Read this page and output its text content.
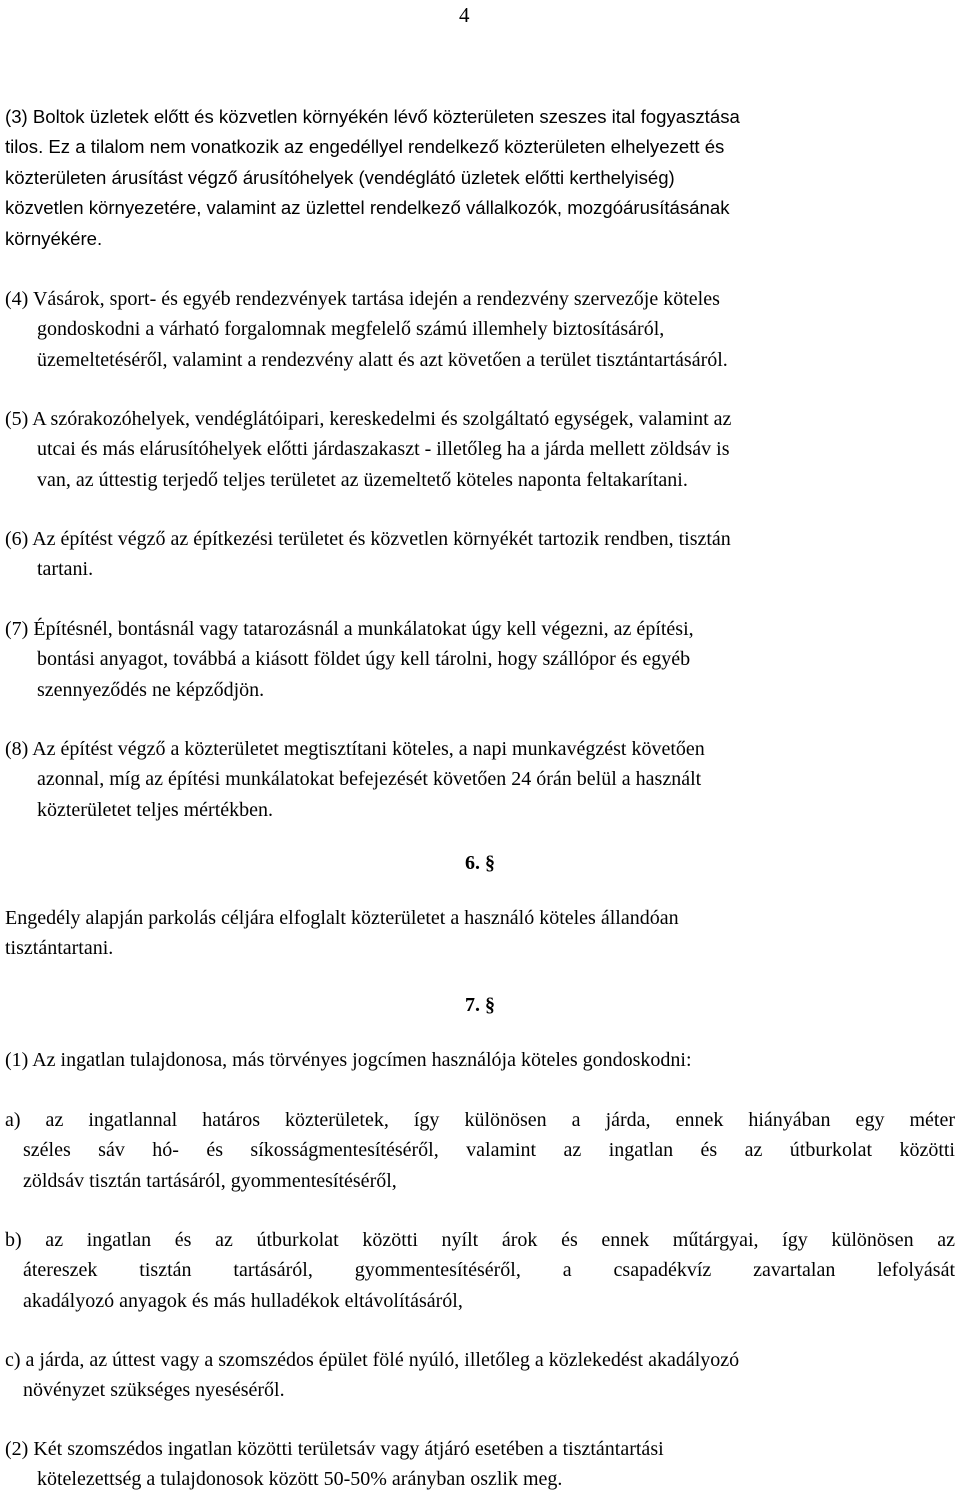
4
(3) Boltok üzletek előtt és közvetlen környékén lévő közterületen szeszes ital fogyasztása
tilos. Ez a tilalom nem vonatkozik az engedéllyel rendelkező közterületen elhelyezett és
közterületen árusítást végző árusítóhelyek (vendéglátó üzletek előtti kerthelyiség)
közvetlen környezetére, valamint az üzlettel rendelkező vállalkozók, mozgóárusításának
környékére.
(4) Vásárok, sport- és egyéb rendezvények tartása idején a rendezvény szervezője köteles
gondoskodni a várható forgalomnak megfelelő számú illemhely biztosításáról,
üzemeltetéséről, valamint a rendezvény alatt és azt követően a terület tisztántartásáról.
(5) A szórakozóhelyek, vendéglátóipari, kereskedelmi és szolgáltató egységek, valamint az
utcai és más elárusítóhelyek előtti járdaszakaszt - illetőleg ha a járda mellett zöldsáv is
van, az úttestig terjedő teljes területet az üzemeltető köteles naponta feltakarítani.
(6) Az építést végző az építkezési területet és közvetlen környékét tartozik rendben, tisztán
tartani.
(7) Építésnél, bontásnál vagy tatarozásnál a munkálatokat úgy kell végezni, az építési,
bontási anyagot, továbbá a kiásott földet úgy kell tárolni, hogy szállópor és egyéb
szennyeződés ne képződjön.
(8) Az építést végző a közterületet megtisztítani köteles, a napi munkavégzést követően
azonnal, míg az építési munkálatokat befejezését követően 24 órán belül a használt
közterületet teljes mértékben.
6. §
Engedély alapján parkolás céljára elfoglalt közterületet a használó köteles állandóan
tisztántartani.
7. §
(1) Az ingatlan tulajdonosa, más törvényes jogcímen használója köteles gondoskodni:
a) az ingatlannal határos közterületek, így különösen a járda, ennek hiányában egy méter
széles sáv hó- és síkosságmentesítéséről, valamint az ingatlan és az útburkolat közötti
zöldsáv tisztán tartásáról, gyommentesítéséről,
b) az ingatlan és az útburkolat közötti nyílt árok és ennek műtárgyai, így különösen az
átereszek tisztán tartásáról, gyommentesítéséről, a csapadékvíz zavartalan lefolyását
akadályozó anyagok és más hulladékok eltávolításáról,
c) a járda, az úttest vagy a szomszédos épület fölé nyúló, illetőleg a közlekedést akadályozó
növényzet szükséges nyeséséről.
(2) Két szomszédos ingatlan közötti területsáv vagy átjáró esetében a tisztántartási
kötelezettség a tulajdonosok között 50-50% arányban oszlik meg.
